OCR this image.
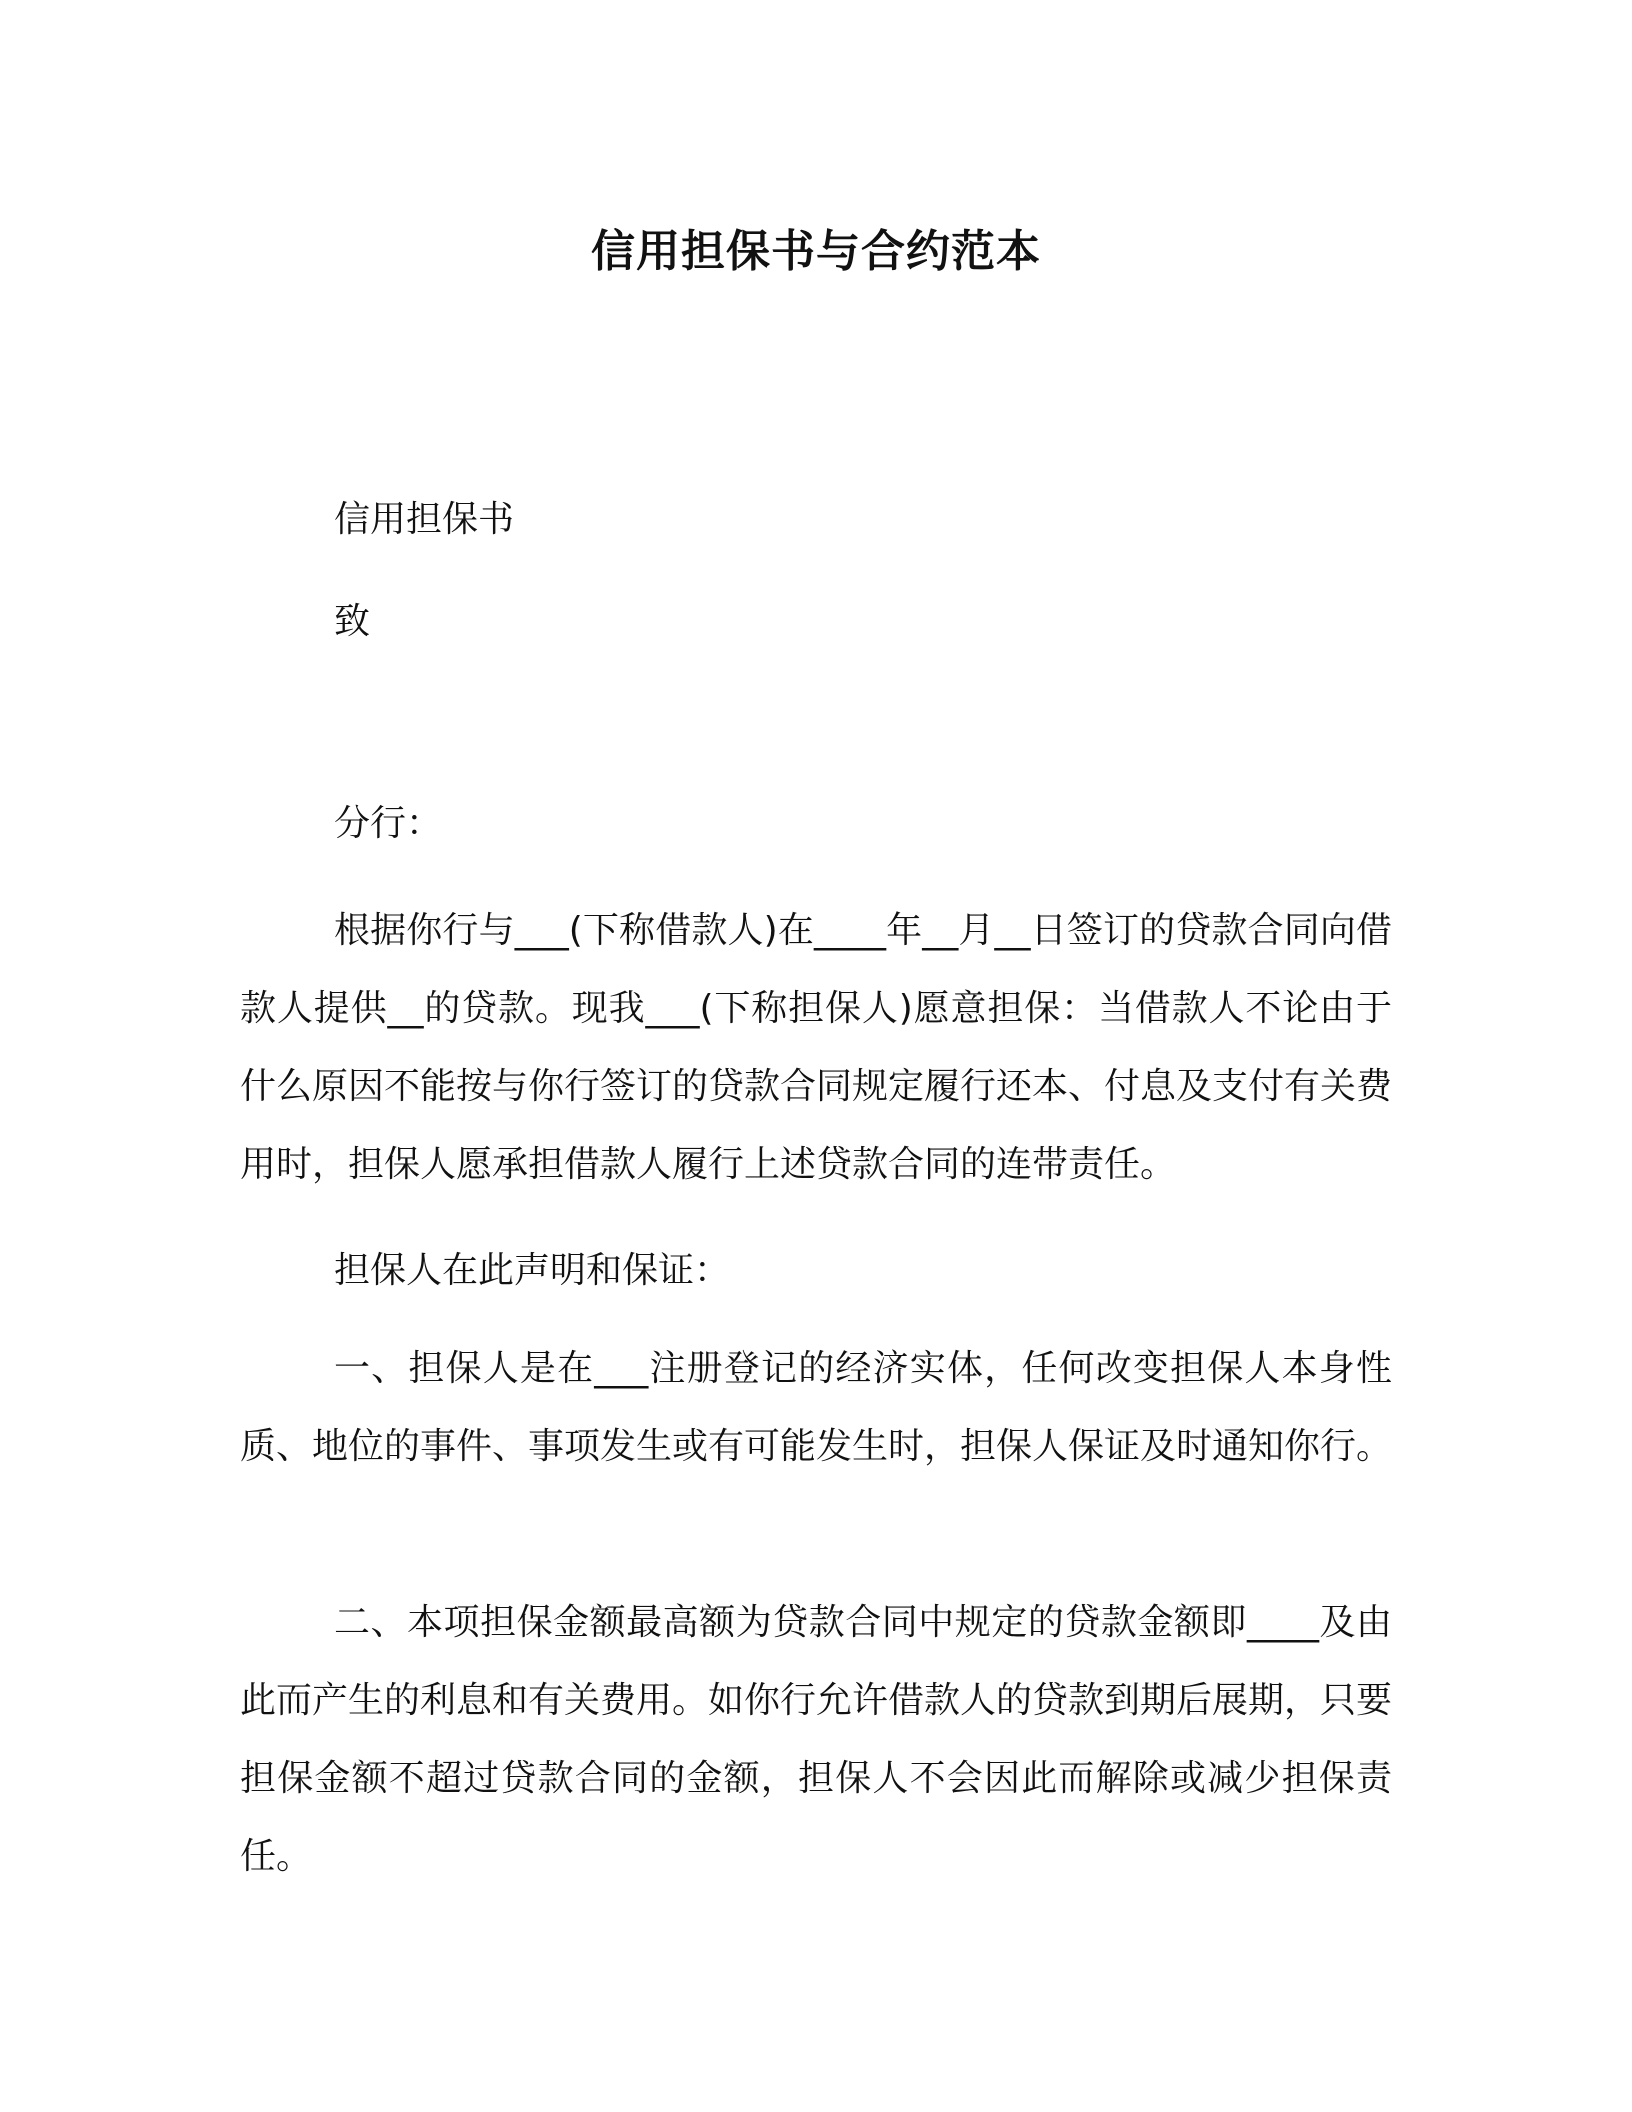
信用担保书与合约范本
信用担保书
致
分行：
根据你行与___(下称借款人)在____年__月__日签订的贷款合同向借款人提供__的贷款。现我___(下称担保人)愿意担保：当借款人不论由于什么原因不能按与你行签订的贷款合同规定履行还本、付息及支付有关费用时，担保人愿承担借款人履行上述贷款合同的连带责任。
担保人在此声明和保证：
一、担保人是在___注册登记的经济实体，任何改变担保人本身性质、地位的事件、事项发生或有可能发生时，担保人保证及时通知你行。
二、本项担保金额最高额为贷款合同中规定的贷款金额即____及由此而产生的利息和有关费用。如你行允许借款人的贷款到期后展期，只要担保金额不超过贷款合同的金额，担保人不会因此而解除或减少担保责任。
